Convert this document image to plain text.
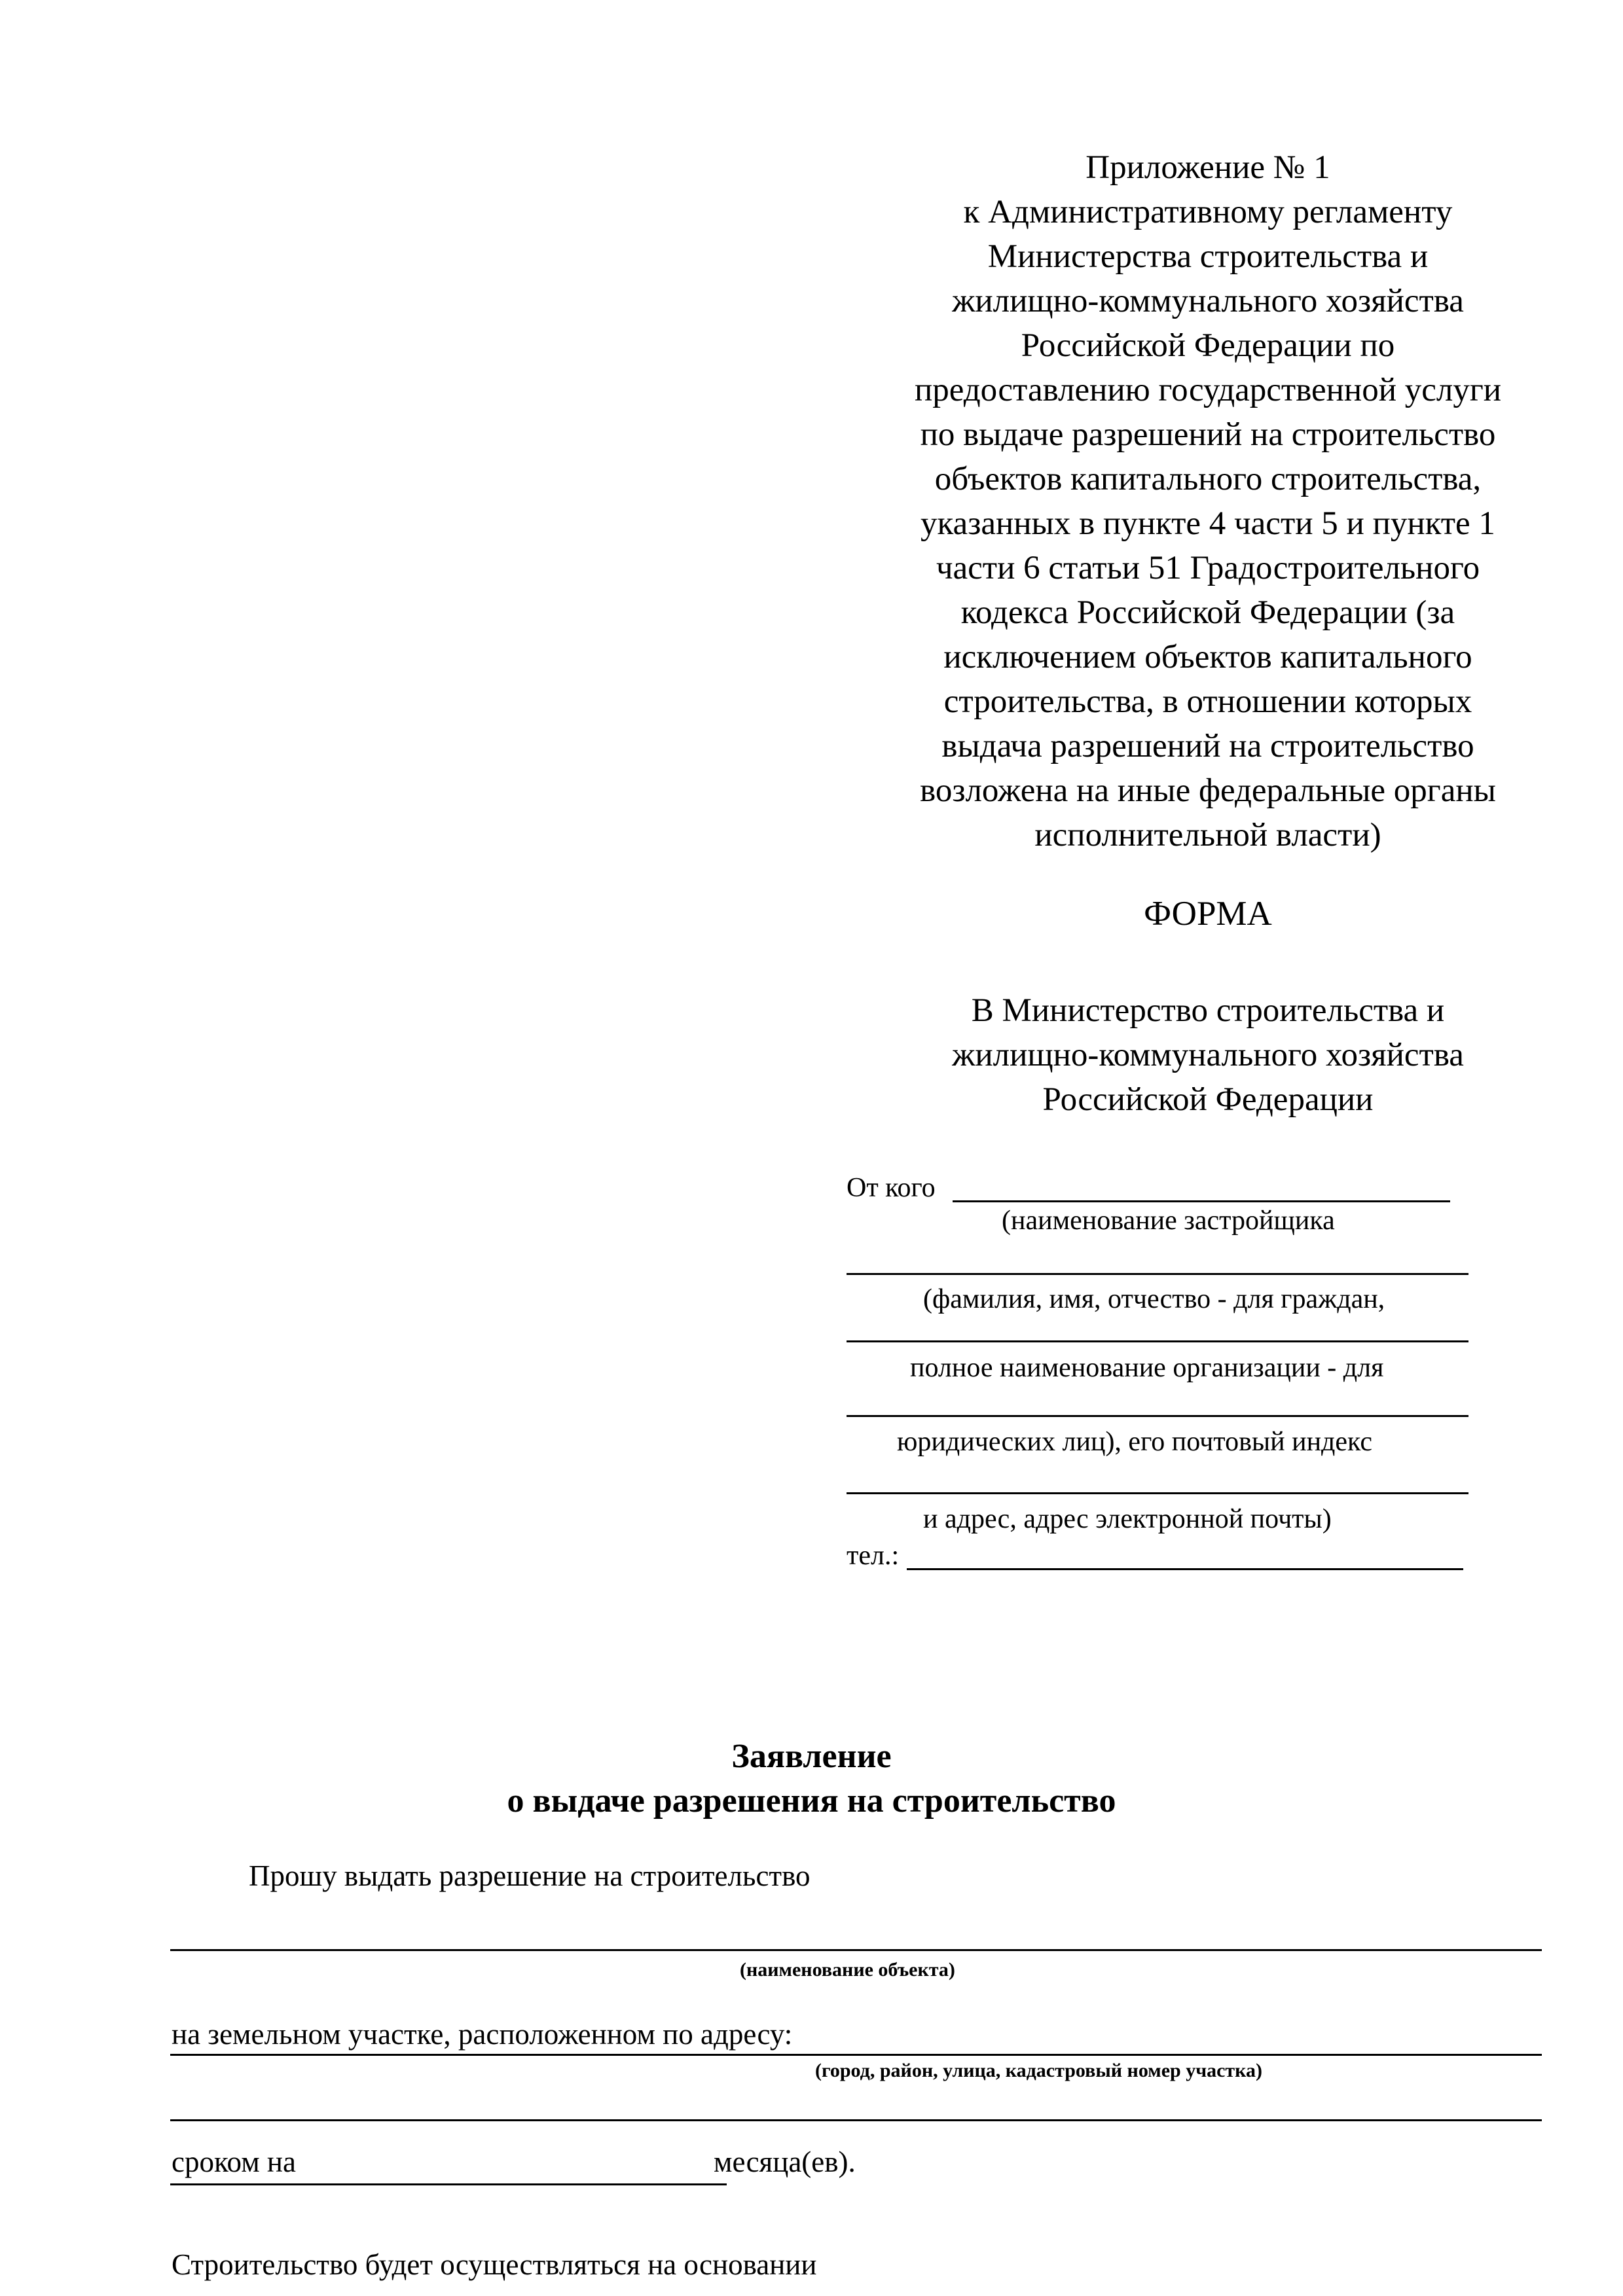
Приложение № 1
к Административному регламенту
Министерства строительства и
жилищно-коммунального хозяйства
Российской Федерации по
предоставлению государственной услуги
по выдаче разрешений на строительство
объектов капитального строительства,
указанных в пункте 4 части 5 и пункте 1
части 6 статьи 51 Градостроительного
кодекса Российской Федерации (за
исключением объектов капитального
строительства, в отношении которых
выдача разрешений на строительство
возложена на иные федеральные органы
исполнительной власти)
ФОРМА
В Министерство строительства и
жилищно-коммунального хозяйства
Российской Федерации
От кого
(наименование застройщика
(фамилия, имя, отчество - для граждан,
полное наименование организации - для
юридических лиц), его почтовый индекс
и адрес, адрес электронной почты)
тел.:
Заявление
о выдаче разрешения на строительство
Прошу выдать разрешение на строительство
(наименование объекта)
на земельном участке, расположенном по адресу:
(город, район, улица, кадастровый номер участка)
сроком на	месяца(ев).
Строительство будет осуществляться на основании
